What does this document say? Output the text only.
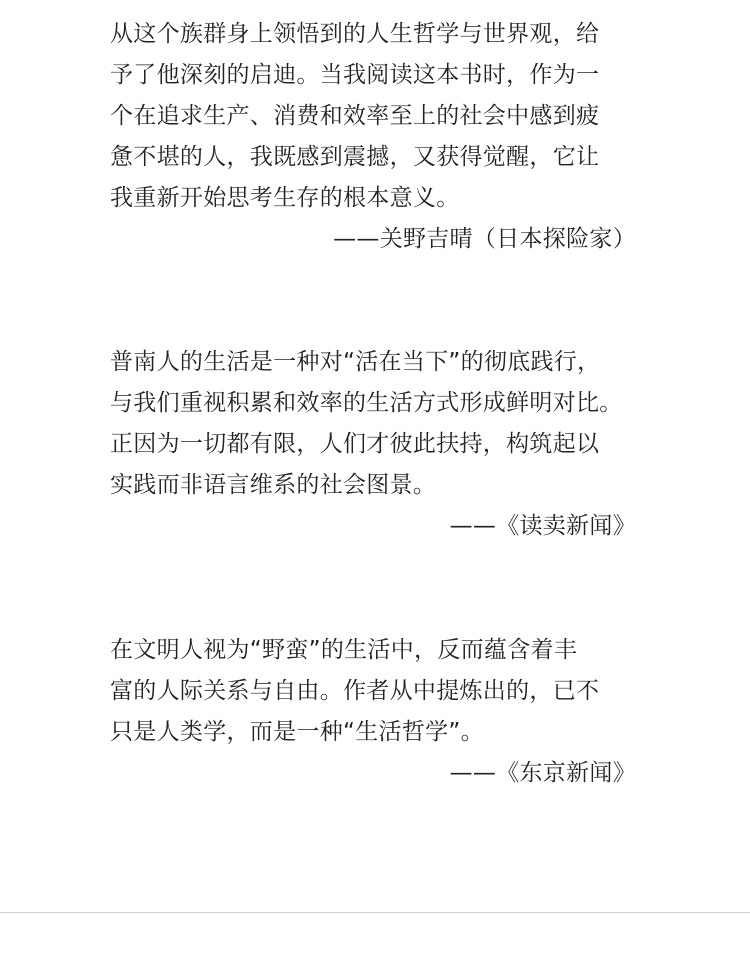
从这个族群身上领悟到的人生哲学与世界观，给
予了他深刻的启迪。当我阅读这本书时，作为一
个在追求生产、消费和效率至上的社会中感到疲
惫不堪的人，我既感到震撼，又获得觉醒，它让
我重新开始思考生存的根本意义。
——关野吉晴（日本探险家）
普南人的生活是一种对“活在当下”的彻底践行，
与我们重视积累和效率的生活方式形成鲜明对比。
正因为一切都有限，人们才彼此扶持，构筑起以
实践而非语言维系的社会图景。
——《读卖新闻》
在文明人视为“野蛮”的生活中，反而蕴含着丰
富的人际关系与自由。作者从中提炼出的，已不
只是人类学，而是一种“生活哲学”。
——《东京新闻》
